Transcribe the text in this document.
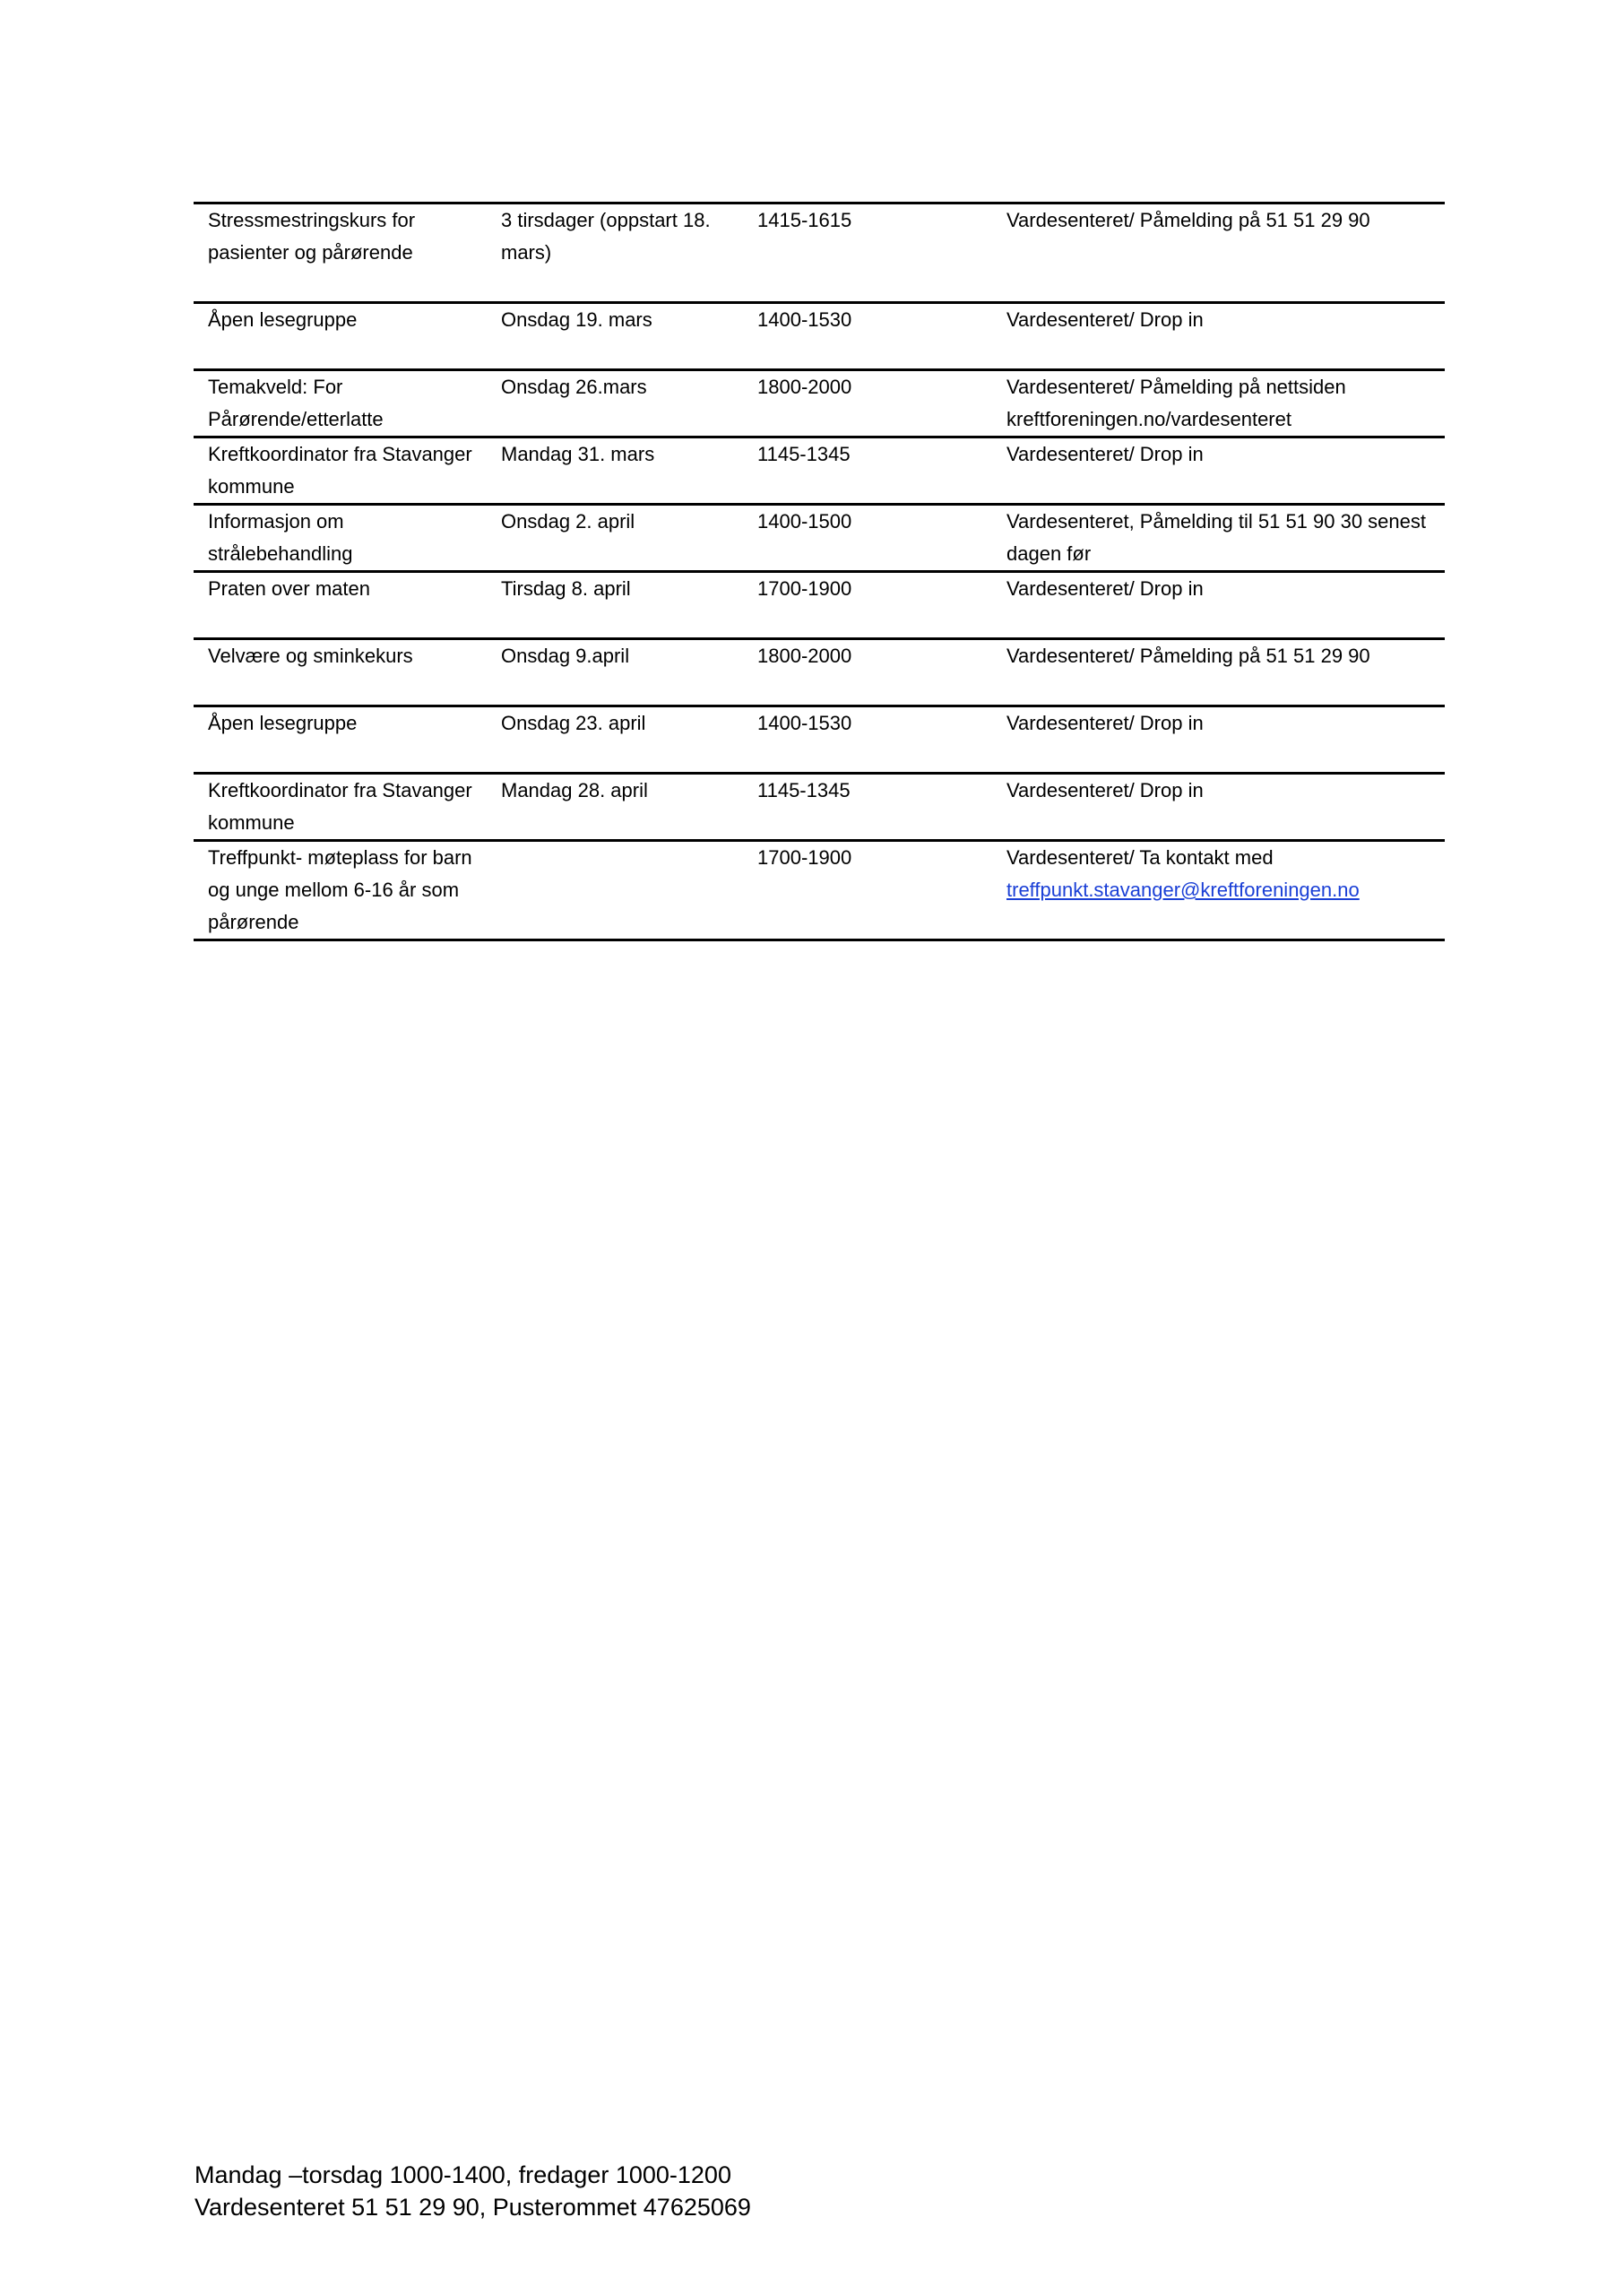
Stressmestringskurs for pasienter og pårørende	3 tirsdager (oppstart 18. mars)	1415-1615	Vardesenteret/ Påmelding på 51 51 29 90
Åpen lesegruppe	Onsdag 19. mars	1400-1530	Vardesenteret/ Drop in
Temakveld: For Pårørende/etterlatte	Onsdag 26.mars	1800-2000	Vardesenteret/ Påmelding på nettsiden kreftforeningen.no/vardesenteret
Kreftkoordinator fra Stavanger kommune	Mandag 31. mars	1145-1345	Vardesenteret/ Drop in
Informasjon om strålebehandling	Onsdag 2. april	1400-1500	Vardesenteret, Påmelding til 51 51 90 30 senest dagen før
Praten over maten	Tirsdag 8. april	1700-1900	Vardesenteret/ Drop in
Velvære og sminkekurs	Onsdag 9.april	1800-2000	Vardesenteret/ Påmelding på 51 51 29 90
Åpen lesegruppe	Onsdag 23. april	1400-1530	Vardesenteret/ Drop in
Kreftkoordinator fra Stavanger kommune	Mandag 28. april	1145-1345	Vardesenteret/ Drop in
Treffpunkt- møteplass for barn og unge mellom 6-16 år som pårørende		1700-1900	Vardesenteret/ Ta kontakt med
treffpunkt.stavanger@kreftforeningen.no
Mandag –torsdag 1000-1400, fredager 1000-1200
Vardesenteret 51 51 29 90, Pusterommet 47625069
